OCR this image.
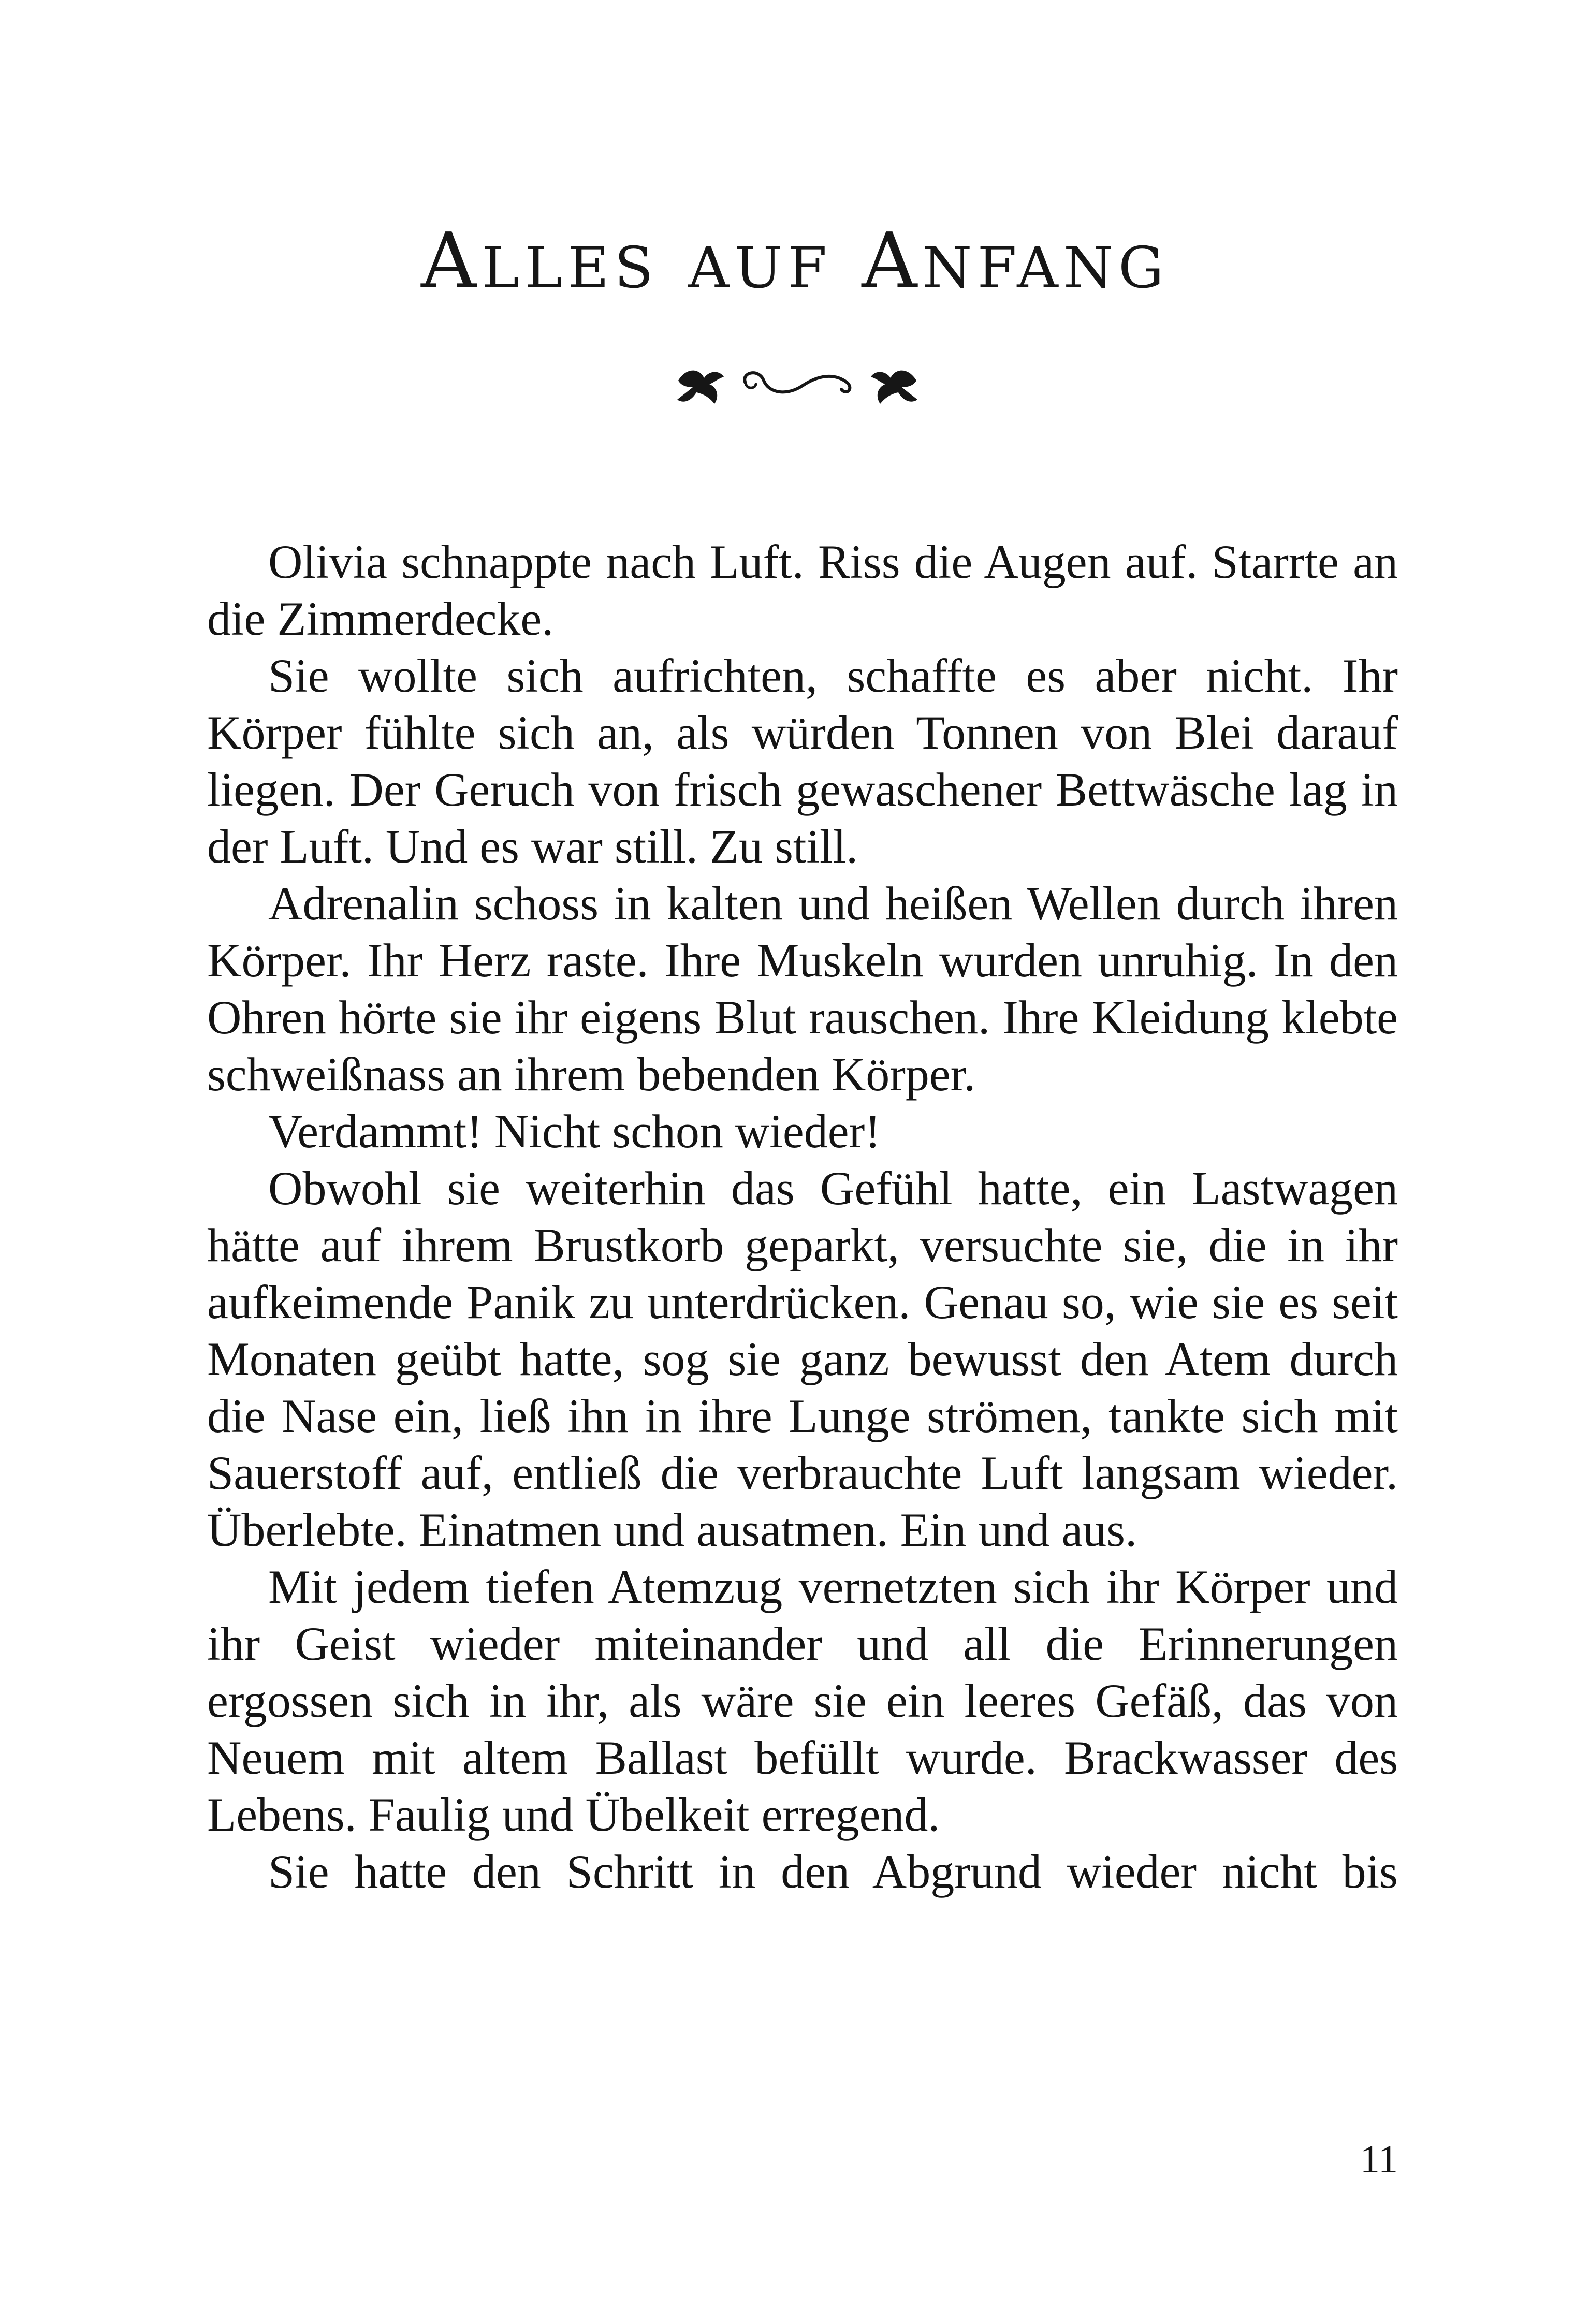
ALLES AUF ANFANG

Olivia schnappte nach Luft. Riss die Augen auf. Starrte an die Zimmerdecke.

Sie wollte sich aufrichten, schaffte es aber nicht. Ihr Körper fühlte sich an, als würden Tonnen von Blei darauf liegen. Der Geruch von frisch gewaschener Bettwäsche lag in der Luft. Und es war still. Zu still.

Adrenalin schoss in kalten und heißen Wellen durch ihren Körper. Ihr Herz raste. Ihre Muskeln wurden unruhig. In den Ohren hörte sie ihr eigens Blut rauschen. Ihre Kleidung klebte schweißnass an ihrem bebenden Körper.

Verdammt! Nicht schon wieder!

Obwohl sie weiterhin das Gefühl hatte, ein Lastwagen hätte auf ihrem Brustkorb geparkt, versuchte sie, die in ihr aufkeimende Panik zu unterdrücken. Genau so, wie sie es seit Monaten geübt hatte, sog sie ganz bewusst den Atem durch die Nase ein, ließ ihn in ihre Lunge strömen, tankte sich mit Sauerstoff auf, entließ die verbrauchte Luft langsam wieder. Überlebte. Einatmen und ausatmen. Ein und aus.

Mit jedem tiefen Atemzug vernetzten sich ihr Körper und ihr Geist wieder miteinander und all die Erinnerungen ergossen sich in ihr, als wäre sie ein leeres Gefäß, das von Neuem mit altem Ballast befüllt wurde. Brackwasser des Lebens. Faulig und Übelkeit erregend.

Sie hatte den Schritt in den Abgrund wieder nicht bis

11
